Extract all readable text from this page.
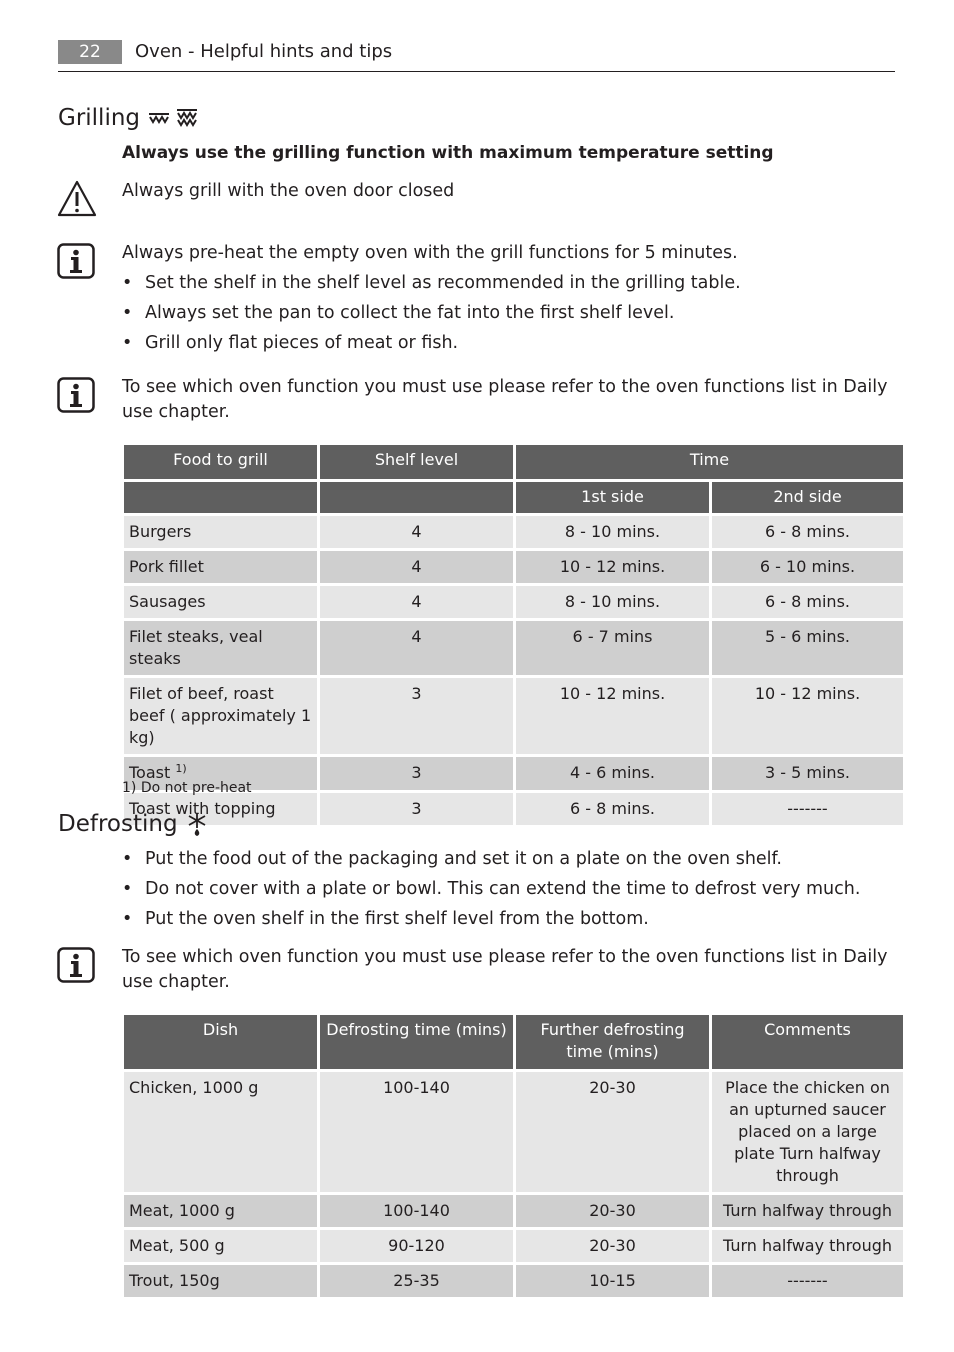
22	Oven - Helpful hints and tips
Grilling
Always use the grilling function with maximum temperature setting
Always grill with the oven door closed
Always pre-heat the empty oven with the grill functions for 5 minutes.
• Set the shelf in the shelf level as recommended in the grilling table.
• Always set the pan to collect the fat into the first shelf level.
• Grill only flat pieces of meat or fish.
To see which oven function you must use please refer to the oven functions list in Daily use chapter.
Food to grill	Shelf level	Time	
		1st side	2nd side
Burgers	4	8 - 10 mins.	6 - 8 mins.
Pork fillet	4	10 - 12 mins.	6 - 10 mins.
Sausages	4	8 - 10 mins.	6 - 8 mins.
Filet steaks, veal steaks	4	6 - 7 mins	5 - 6 mins.
Filet of beef, roast beef ( approximately 1 kg)	3	10 - 12 mins.	10 - 12 mins.
Toast $^{1)}$	3	4 - 6 mins.	3 - 5 mins.
Toast with topping	3	6 - 8 mins.	-------
1) Do not pre-heat
Defrosting
• Put the food out of the packaging and set it on a plate on the oven shelf.
• Do not cover with a plate or bowl. This can extend the time to defrost very much.
• Put the oven shelf in the first shelf level from the bottom.
To see which oven function you must use please refer to the oven functions list in Daily use chapter.
Dish	Defrosting time (mins)	Further defrosting time (mins)	Comments
Chicken, 1000 g	100-140	20-30	Place the chicken on an upturned saucer placed on a large plate Turn halfway through
Meat, 1000 g	100-140	20-30	Turn halfway through
Meat, 500 g	90-120	20-30	Turn halfway through
Trout, 150g	25-35	10-15	-------
